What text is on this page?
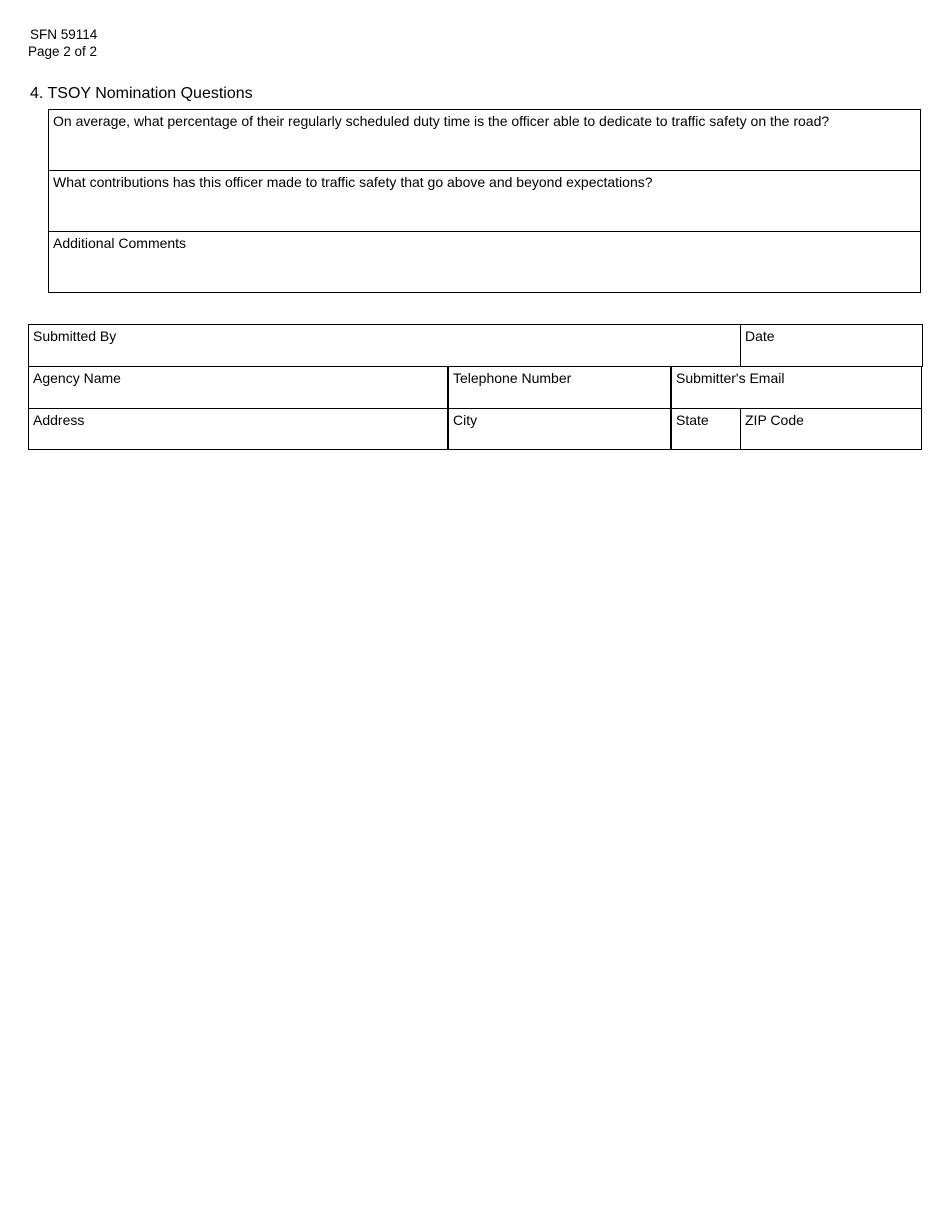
SFN 59114
Page 2 of 2
4. TSOY Nomination Questions
On average, what percentage of their regularly scheduled duty time is the officer able to dedicate to traffic safety on the road?
What contributions has this officer made to traffic safety that go above and beyond expectations?
Additional Comments
Submitted By	Date
Agency Name	Telephone Number	Submitter's Email
Address	City	State	ZIP Code
